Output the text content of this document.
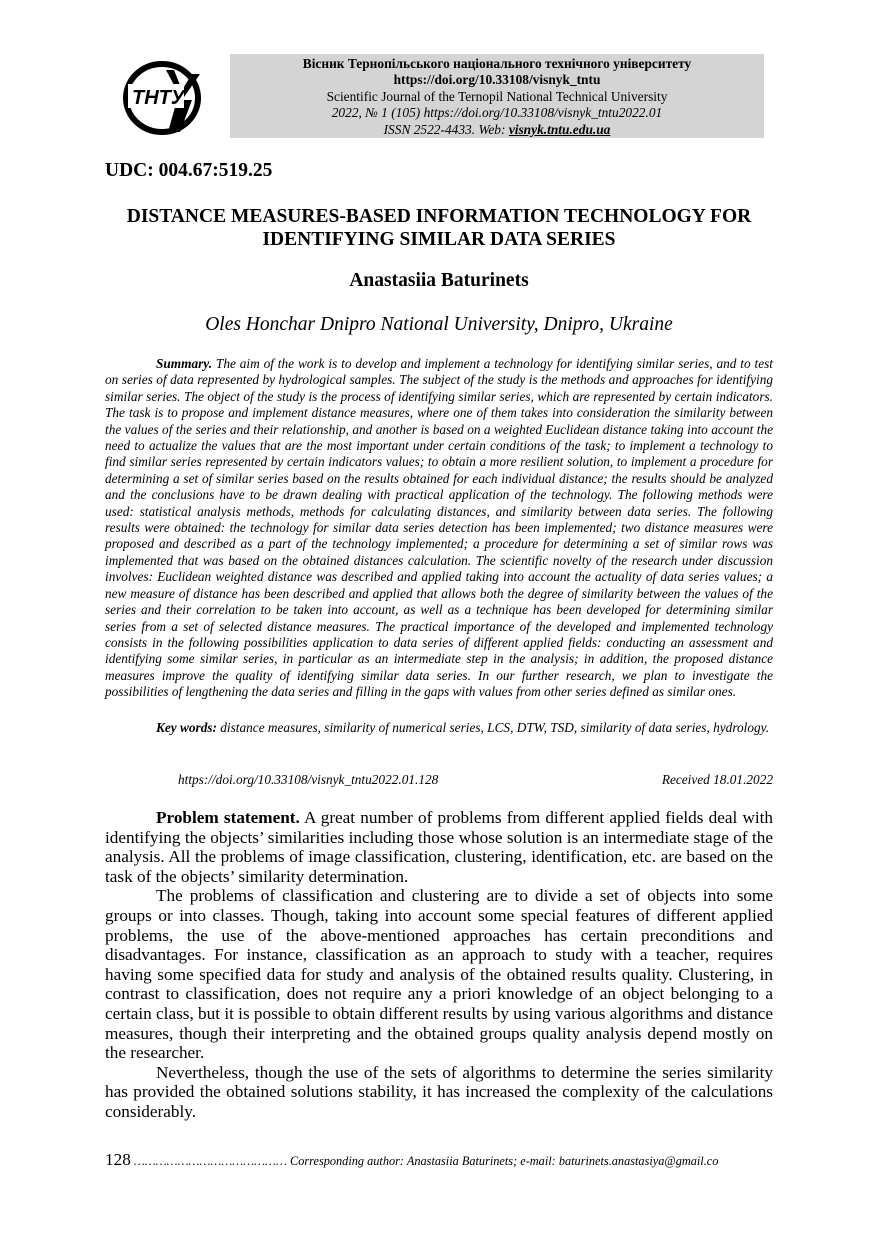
ТНТУ
Вісник Тернопільського національного технічного університету
https://doi.org/10.33108/visnyk_tntu
Scientific Journal of the Ternopil National Technical University
2022, № 1 (105) https://doi.org/10.33108/visnyk_tntu2022.01
ISSN 2522-4433. Web: visnyk.tntu.edu.ua
UDC: 004.67:519.25
DISTANCE MEASURES-BASED INFORMATION TECHNOLOGY FOR IDENTIFYING SIMILAR DATA SERIES
Anastasiia Baturinets
Oles Honchar Dnipro National University, Dnipro, Ukraine

Summary. The aim of the work is to develop and implement a technology for identifying similar series, and to test on series of data represented by hydrological samples. The subject of the study is the methods and approaches for identifying similar series. The object of the study is the process of identifying similar series, which are represented by certain indicators. The task is to propose and implement distance measures, where one of them takes into consideration the similarity between the values of the series and their relationship, and another is based on a weighted Euclidean distance taking into account the need to actualize the values that are the most important under certain conditions of the task; to implement a technology to find similar series represented by certain indicators values; to obtain a more resilient solution, to implement a procedure for determining a set of similar series based on the results obtained for each individual distance; the results should be analyzed and the conclusions have to be drawn dealing with practical application of the technology. The following methods were used: statistical analysis methods, methods for calculating distances, and similarity between data series. The following results were obtained: the technology for similar data series detection has been implemented; two distance measures were proposed and described as a part of the technology implemented; a procedure for determining a set of similar rows was implemented that was based on the obtained distances calculation. The scientific novelty of the research under discussion involves: Euclidean weighted distance was described and applied taking into account the actuality of data series values; a new measure of distance has been described and applied that allows both the degree of similarity between the values of the series and their correlation to be taken into account, as well as a technique has been developed for determining similar series from a set of selected distance measures. The practical importance of the developed and implemented technology consists in the following possibilities application to data series of different applied fields: conducting an assessment and identifying some similar series, in particular as an intermediate step in the analysis; in addition, the proposed distance measures improve the quality of identifying similar data series. In our further research, we plan to investigate the possibilities of lengthening the data series and filling in the gaps with values from other series defined as similar ones.

Key words: distance measures, similarity of numerical series, LCS, DTW, TSD, similarity of data series, hydrology.

https://doi.org/10.33108/visnyk_tntu2022.01.128	Received 18.01.2022

Problem statement. A great number of problems from different applied fields deal with identifying the objects’ similarities including those whose solution is an intermediate stage of the analysis. All the problems of image classification, clustering, identification, etc. are based on the task of the objects’ similarity determination.

The problems of classification and clustering are to divide a set of objects into some groups or into classes. Though, taking into account some special features of different applied problems, the use of the above-mentioned approaches has certain preconditions and disadvantages. For instance, classification as an approach to study with a teacher, requires having some specified data for study and analysis of the obtained results quality. Clustering, in contrast to classification, does not require any a priori knowledge of an object belonging to a certain class, but it is possible to obtain different results by using various algorithms and distance measures, though their interpreting and the obtained groups quality analysis depend mostly on the researcher.

Nevertheless, though the use of the sets of algorithms to determine the series similarity has provided the obtained solutions stability, it has increased the complexity of the calculations considerably.

128 …………………………………… Corresponding author: Anastasiia Baturinets; e-mail: baturinets.anastasiya@gmail.co
